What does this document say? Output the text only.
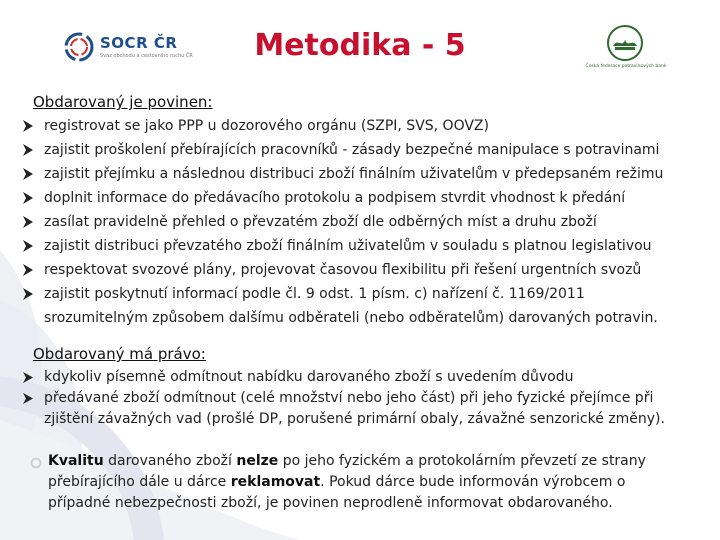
SOCR ČR
Svaz obchodu a cestovního ruchu ČR	Metodika - 5
Česká federace potravinových bank
Obdarovaný je povinen:
registrovat se jako PPP u dozorového orgánu (SZPI, SVS, OOVZ)
zajistit proškolení přebírajících pracovníků - zásady bezpečné manipulace s potravinami
zajistit přejímku a následnou distribuci zboží finálním uživatelům v předepsaném režimu
doplnit informace do předávacího protokolu a podpisem stvrdit vhodnost k předání
zasílat pravidelně přehled o převzatém zboží dle odběrných míst a druhu zboží
zajistit distribuci převzatého zboží finálním uživatelům v souladu s platnou legislativou
respektovat svozové plány, projevovat časovou flexibilitu při řešení urgentních svozů
zajistit poskytnutí informací podle čl. 9 odst. 1 písm. c) nařízení č. 1169/2011
srozumitelným způsobem dalšímu odběrateli (nebo odběratelům) darovaných potravin.
Obdarovaný má právo:
kdykoliv písemně odmítnout nabídku darovaného zboží s uvedením důvodu
předávané zboží odmítnout (celé množství nebo jeho část) při jeho fyzické přejímce při
zjištění závažných vad (prošlé DP, porušené primární obaly, závažné senzorické změny).
Kvalitu darovaného zboží nelze po jeho fyzickém a protokolárním převzetí ze strany
přebírajícího dále u dárce reklamovat. Pokud dárce bude informován výrobcem o
případné nebezpečnosti zboží, je povinen neprodleně informovat obdarovaného.
